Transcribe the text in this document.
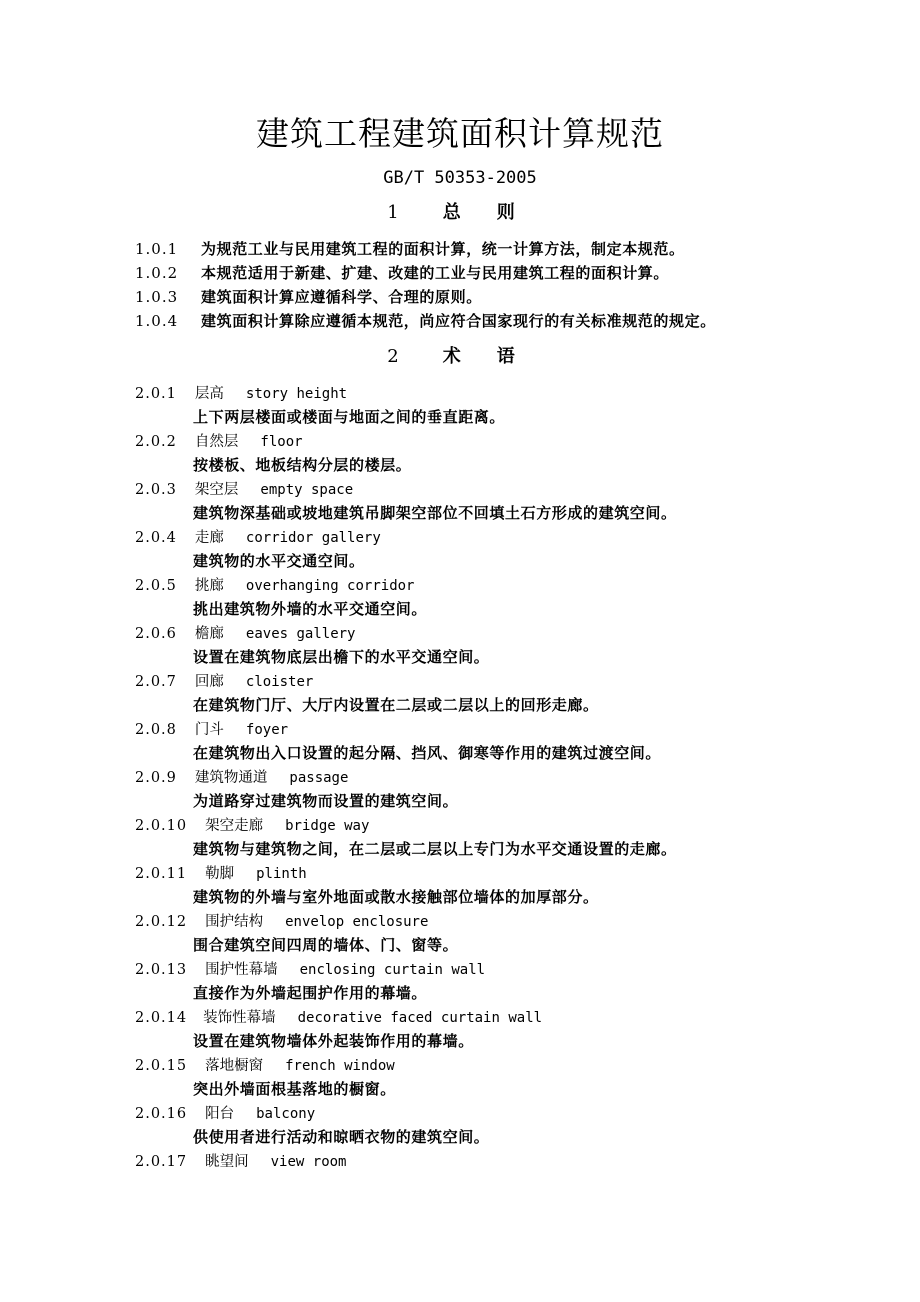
建筑工程建筑面积计算规范
GB/T 50353-2005
1 总 则
1.0.1 为规范工业与民用建筑工程的面积计算，统一计算方法，制定本规范。
1.0.2 本规范适用于新建、扩建、改建的工业与民用建筑工程的面积计算。
1.0.3 建筑面积计算应遵循科学、合理的原则。
1.0.4 建筑面积计算除应遵循本规范，尚应符合国家现行的有关标准规范的规定。
2 术 语
2.0.1 层高 story height
上下两层楼面或楼面与地面之间的垂直距离。
2.0.2 自然层 floor
按楼板、地板结构分层的楼层。
2.0.3 架空层 empty space
建筑物深基础或坡地建筑吊脚架空部位不回填土石方形成的建筑空间。
2.0.4 走廊 corridor gallery
建筑物的水平交通空间。
2.0.5 挑廊 overhanging corridor
挑出建筑物外墙的水平交通空间。
2.0.6 檐廊 eaves gallery
设置在建筑物底层出檐下的水平交通空间。
2.0.7 回廊 cloister
在建筑物门厅、大厅内设置在二层或二层以上的回形走廊。
2.0.8 门斗 foyer
在建筑物出入口设置的起分隔、挡风、御寒等作用的建筑过渡空间。
2.0.9 建筑物通道 passage
为道路穿过建筑物而设置的建筑空间。
2.0.10 架空走廊 bridge way
建筑物与建筑物之间，在二层或二层以上专门为水平交通设置的走廊。
2.0.11 勒脚 plinth
建筑物的外墙与室外地面或散水接触部位墙体的加厚部分。
2.0.12 围护结构 envelop enclosure
围合建筑空间四周的墙体、门、窗等。
2.0.13 围护性幕墙 enclosing curtain wall
直接作为外墙起围护作用的幕墙。
2.0.14 装饰性幕墙 decorative faced curtain wall
设置在建筑物墙体外起装饰作用的幕墙。
2.0.15 落地橱窗 french window
突出外墙面根基落地的橱窗。
2.0.16 阳台 balcony
供使用者进行活动和晾晒衣物的建筑空间。
2.0.17 眺望间 view room
